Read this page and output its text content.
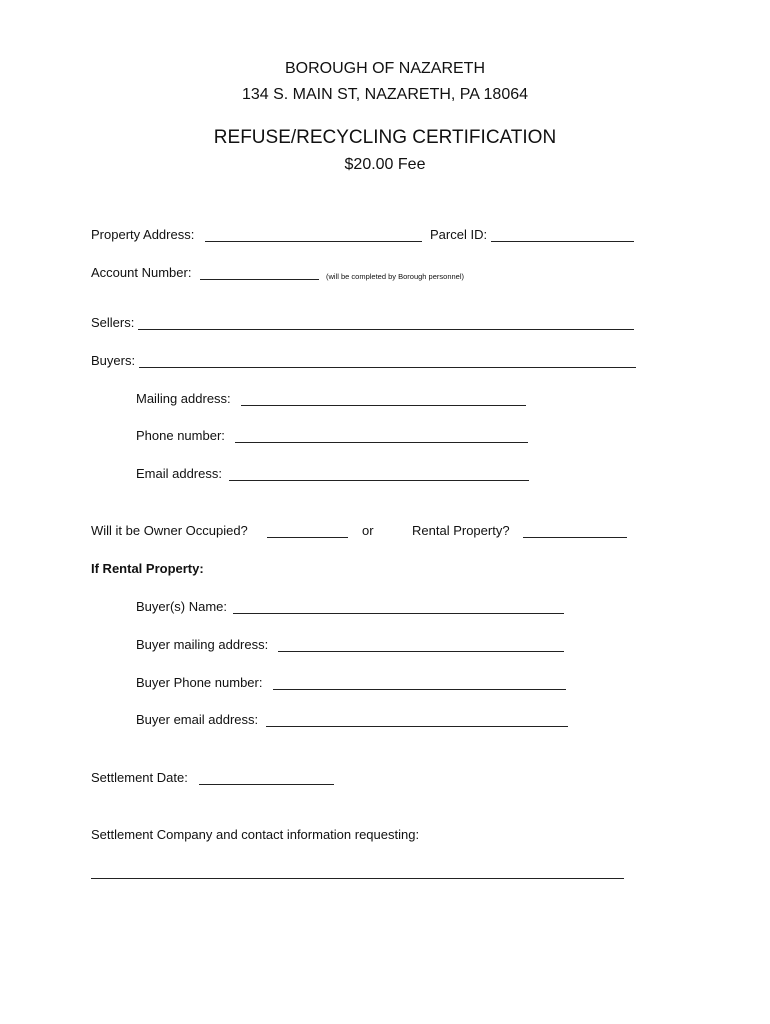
BOROUGH OF NAZARETH
134 S. MAIN ST, NAZARETH, PA 18064
REFUSE/RECYCLING CERTIFICATION
$20.00 Fee
Property Address:	Parcel ID:
Account Number:	(will be completed by Borough personnel)
Sellers:
Buyers:
Mailing address:
Phone number:
Email address:
Will it be Owner Occupied?	or	Rental Property?
If Rental Property:
Buyer(s) Name:
Buyer mailing address:
Buyer Phone number:
Buyer email address:
Settlement Date:
Settlement Company and contact information requesting:
